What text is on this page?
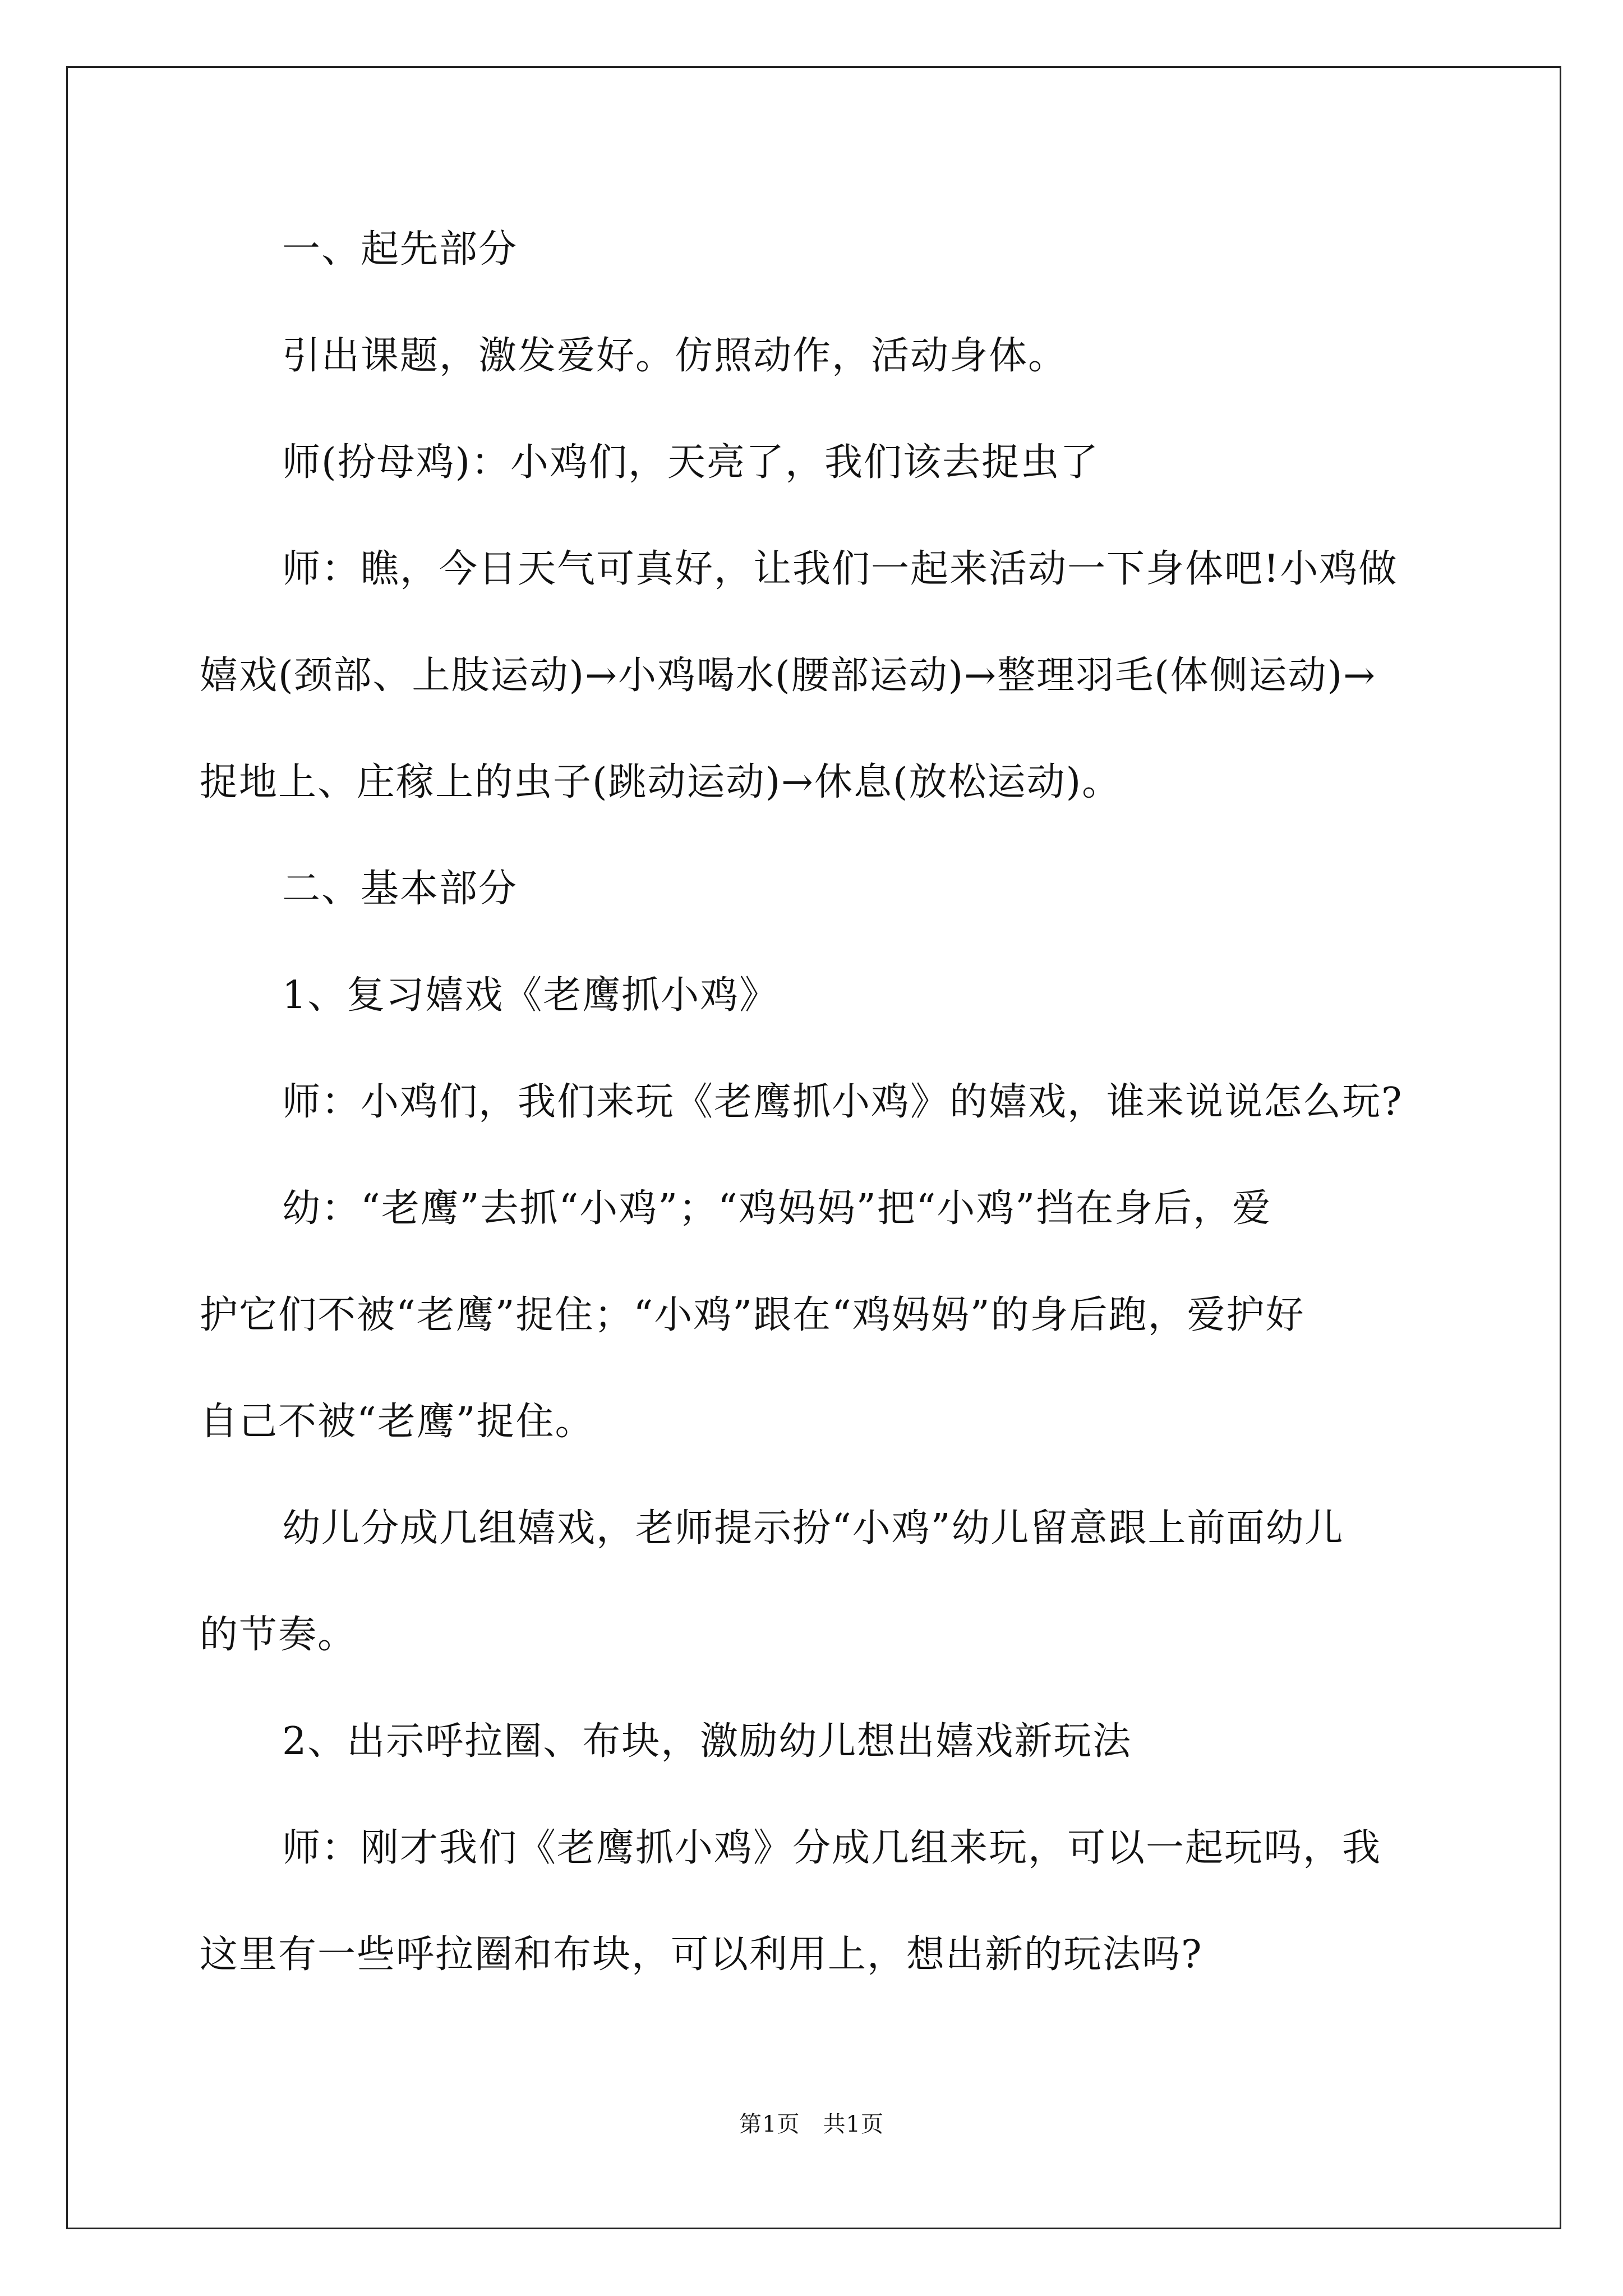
一、起先部分
引出课题，激发爱好。仿照动作，活动身体。
师(扮母鸡)：小鸡们，天亮了，我们该去捉虫了
师：瞧，今日天气可真好，让我们一起来活动一下身体吧!小鸡做
嬉戏(颈部、上肢运动)→小鸡喝水(腰部运动)→整理羽毛(体侧运动)→
捉地上、庄稼上的虫子(跳动运动)→休息(放松运动)。
二、基本部分
1、复习嬉戏《老鹰抓小鸡》
师：小鸡们，我们来玩《老鹰抓小鸡》的嬉戏，谁来说说怎么玩?
幼：“老鹰”去抓“小鸡”；“鸡妈妈”把“小鸡”挡在身后，爱
护它们不被“老鹰”捉住；“小鸡”跟在“鸡妈妈”的身后跑，爱护好
自己不被“老鹰”捉住。
幼儿分成几组嬉戏，老师提示扮“小鸡”幼儿留意跟上前面幼儿
的节奏。
2、出示呼拉圈、布块，激励幼儿想出嬉戏新玩法
师：刚才我们《老鹰抓小鸡》分成几组来玩，可以一起玩吗，我
这里有一些呼拉圈和布块，可以利用上，想出新的玩法吗?
第1页　共1页
